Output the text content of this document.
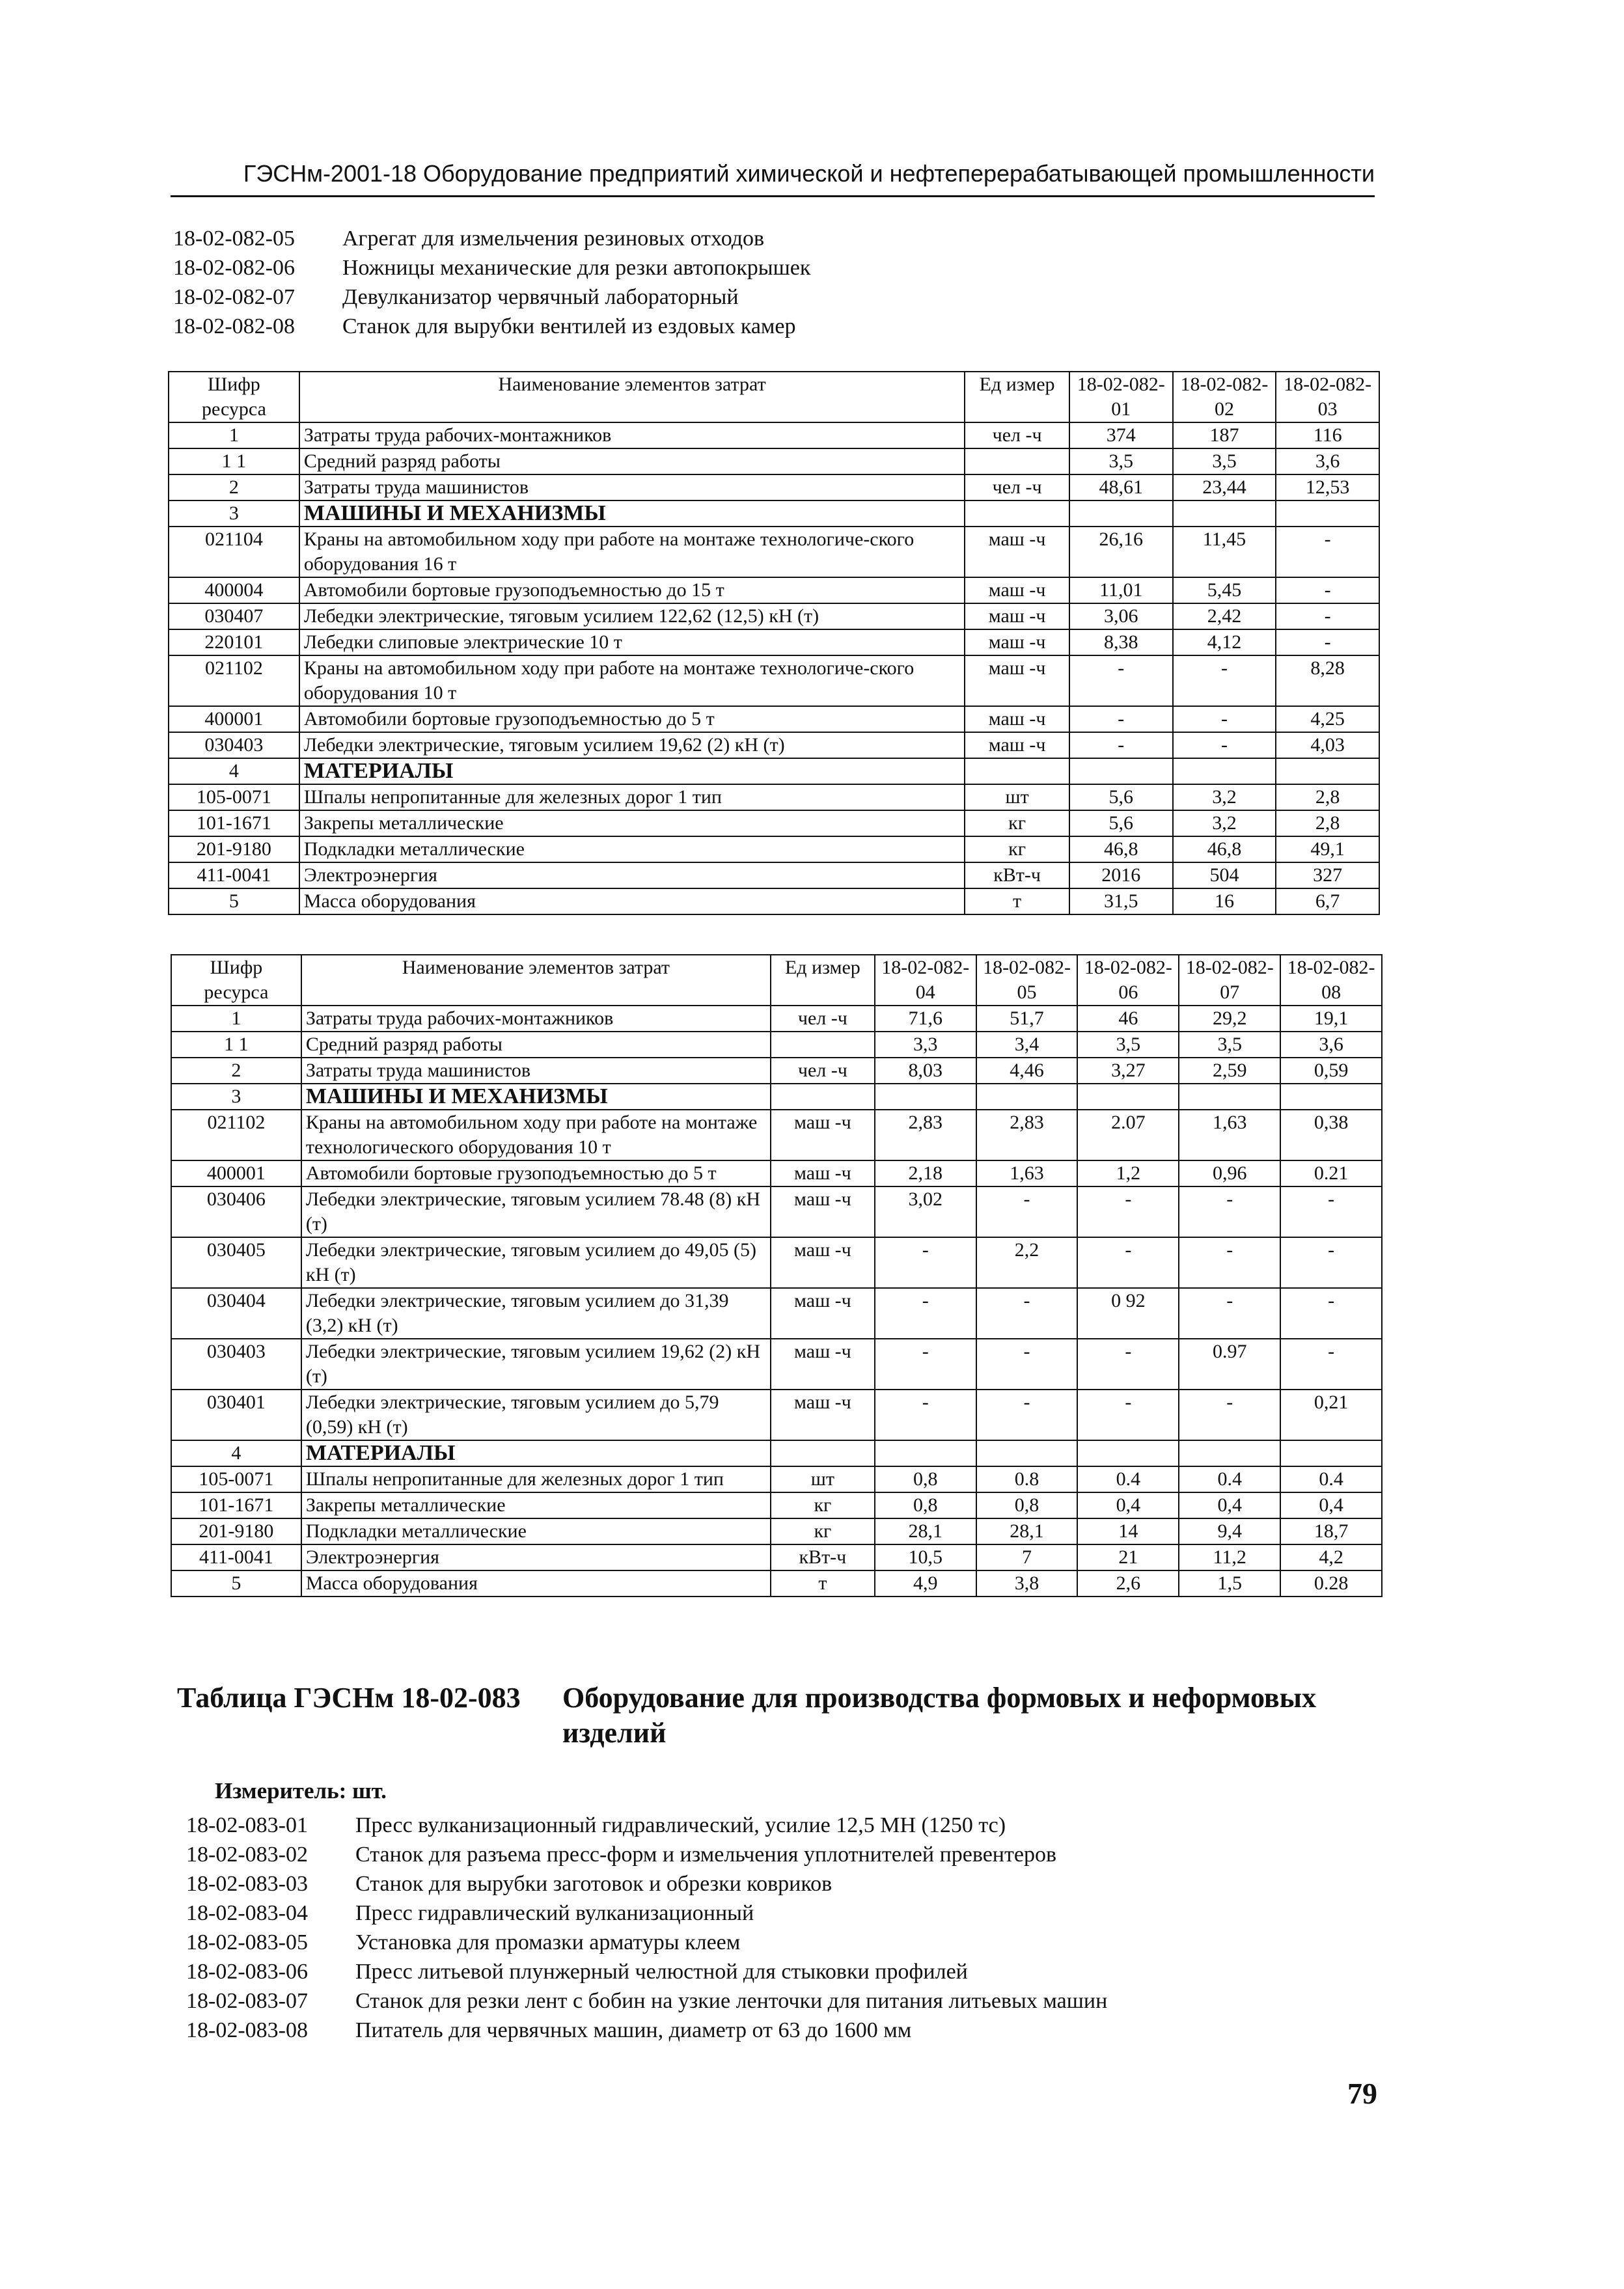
ГЭСНм-2001-18 Оборудование предприятий химической и нефтеперерабатывающей промышленности
18-02-082-05	Агрегат для измельчения резиновых отходов
18-02-082-06	Ножницы механические для резки автопокрышек
18-02-082-07	Девулканизатор червячный лабораторный
18-02-082-08	Станок для вырубки вентилей из ездовых камер
Шифр ресурса	Наименование элементов затрат	Ед измер	18-02-082-01	18-02-082-02	18-02-082-03
1	Затраты труда рабочих-монтажников	чел -ч	374	187	116
1 1	Средний разряд работы		3,5	3,5	3,6
2	Затраты труда машинистов	чел -ч	48,61	23,44	12,53
3	МАШИНЫ И МЕХАНИЗМЫ				
021104	Краны на автомобильном ходу при работе на монтаже технологиче-ского оборудования 16 т	маш -ч	26,16	11,45	-
400004	Автомобили бортовые грузоподъемностью до 15 т	маш -ч	11,01	5,45	-
030407	Лебедки электрические, тяговым усилием 122,62 (12,5) кН (т)	маш -ч	3,06	2,42	-
220101	Лебедки слиповые электрические 10 т	маш -ч	8,38	4,12	-
021102	Краны на автомобильном ходу при работе на монтаже технологиче-ского оборудования 10 т	маш -ч	-	-	8,28
400001	Автомобили бортовые грузоподъемностью до 5 т	маш -ч	-	-	4,25
030403	Лебедки электрические, тяговым усилием 19,62 (2) кН (т)	маш -ч	-	-	4,03
4	МАТЕРИАЛЫ				
105-0071	Шпалы непропитанные для железных дорог 1 тип	шт	5,6	3,2	2,8
101-1671	Закрепы металлические	кг	5,6	3,2	2,8
201-9180	Подкладки металлические	кг	46,8	46,8	49,1
411-0041	Электроэнергия	кВт-ч	2016	504	327
5	Масса оборудования	т	31,5	16	6,7
Шифр ресурса	Наименование элементов затрат	Ед измер	18-02-082-04	18-02-082-05	18-02-082-06	18-02-082-07	18-02-082-08
1	Затраты труда рабочих-монтажников	чел -ч	71,6	51,7	46	29,2	19,1
1 1	Средний разряд работы		3,3	3,4	3,5	3,5	3,6
2	Затраты труда машинистов	чел -ч	8,03	4,46	3,27	2,59	0,59
3	МАШИНЫ И МЕХАНИЗМЫ						
021102	Краны на автомобильном ходу при работе на монтаже технологического оборудования 10 т	маш -ч	2,83	2,83	2.07	1,63	0,38
400001	Автомобили бортовые грузоподъемностью до 5 т	маш -ч	2,18	1,63	1,2	0,96	0.21
030406	Лебедки электрические, тяговым усилием 78.48 (8) кН (т)	маш -ч	3,02	-	-	-	-
030405	Лебедки электрические, тяговым усилием до 49,05 (5) кН (т)	маш -ч	-	2,2	-	-	-
030404	Лебедки электрические, тяговым усилием до 31,39 (3,2) кН (т)	маш -ч	-	-	0 92	-	-
030403	Лебедки электрические, тяговым усилием 19,62 (2) кН (т)	маш -ч	-	-	-	0.97	-
030401	Лебедки электрические, тяговым усилием до 5,79 (0,59) кН (т)	маш -ч	-	-	-	-	0,21
4	МАТЕРИАЛЫ						
105-0071	Шпалы непропитанные для железных дорог 1 тип	шт	0,8	0.8	0.4	0.4	0.4
101-1671	Закрепы металлические	кг	0,8	0,8	0,4	0,4	0,4
201-9180	Подкладки металлические	кг	28,1	28,1	14	9,4	18,7
411-0041	Электроэнергия	кВт-ч	10,5	7	21	11,2	4,2
5	Масса оборудования	т	4,9	3,8	2,6	1,5	0.28
Таблица ГЭСНм 18-02-083 Оборудование для производства формовых и неформовых изделий
Измеритель: шт.
18-02-083-01	Пресс вулканизационный гидравлический, усилие 12,5 МН (1250 тс)
18-02-083-02	Станок для разъема пресс-форм и измельчения уплотнителей превентеров
18-02-083-03	Станок для вырубки заготовок и обрезки ковриков
18-02-083-04	Пресс гидравлический вулканизационный
18-02-083-05	Установка для промазки арматуры клеем
18-02-083-06	Пресс литьевой плунжерный челюстной для стыковки профилей
18-02-083-07	Станок для резки лент с бобин на узкие ленточки для питания литьевых машин
18-02-083-08	Питатель для червячных машин, диаметр от 63 до 1600 мм
79
